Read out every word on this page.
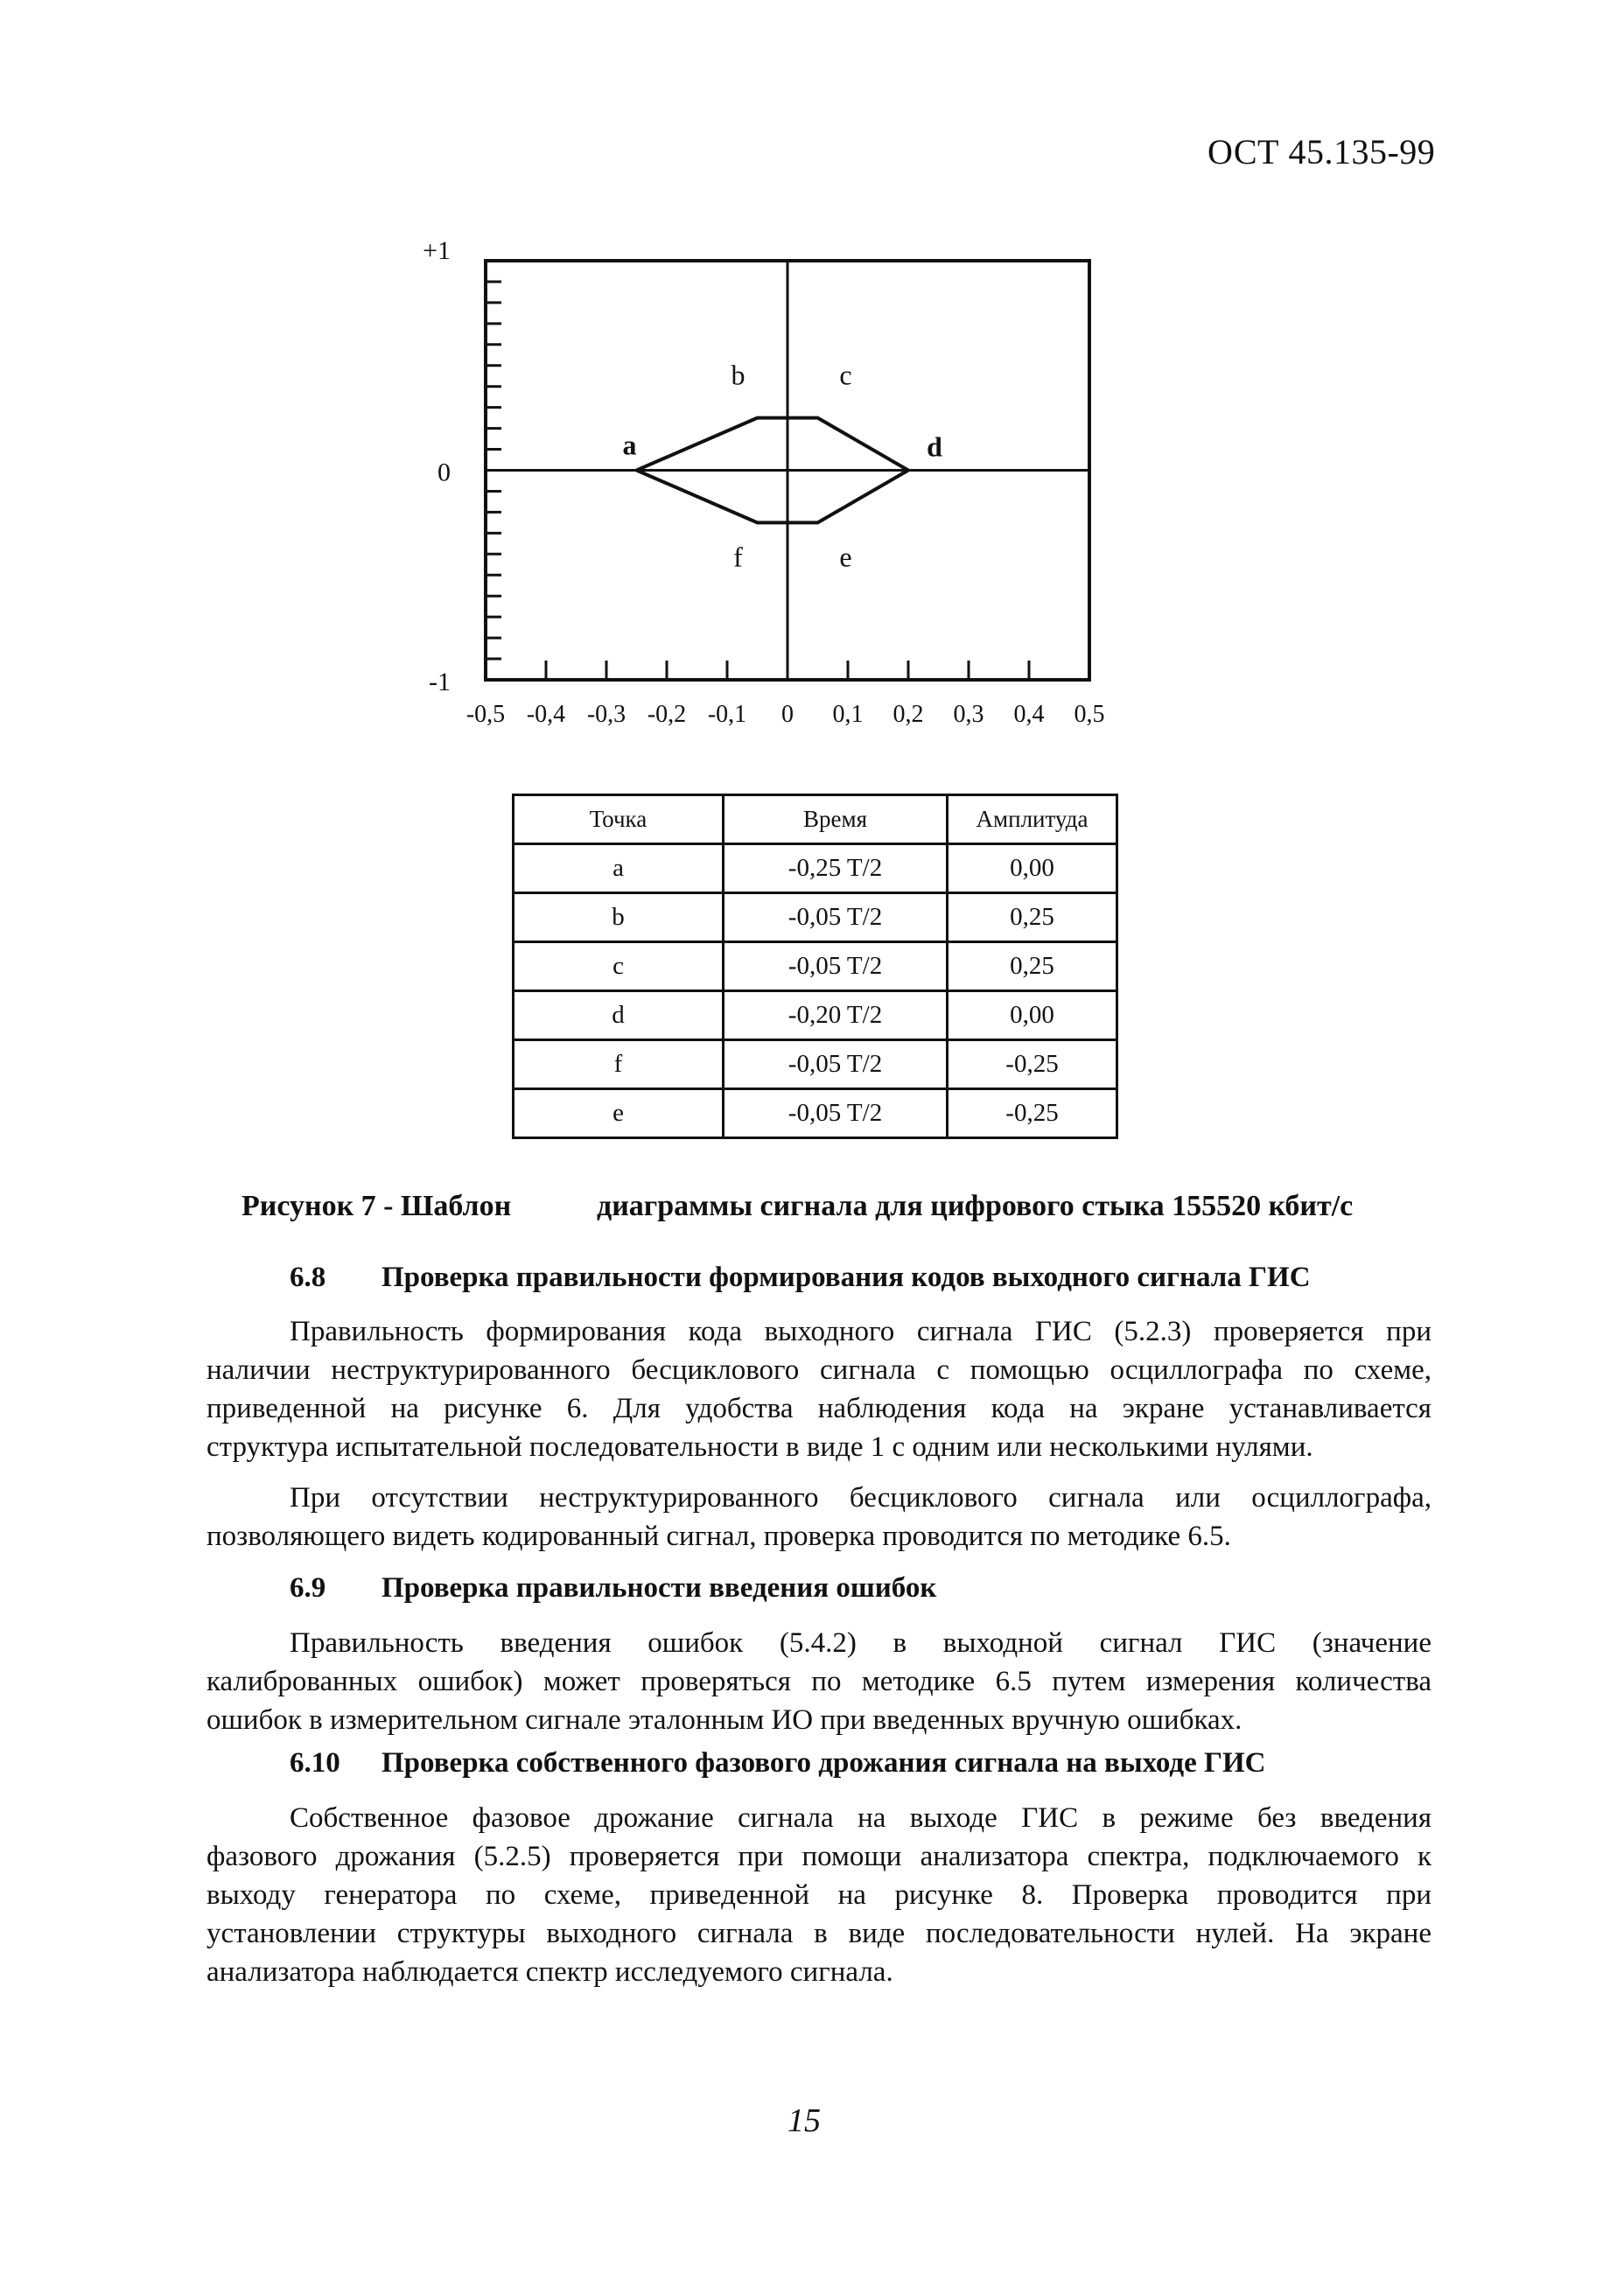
ОСТ 45.135-99
+1
0
-1
-0,5 -0,4 -0,3 -0,2 -0,1 0 0,1 0,2 0,3 0,4 0,5
a
b	c
d
f	e
Точка	Время	Амплитуда
a	-0,25 T/2	0,00
b	-0,05 T/2	0,25
c	-0,05 T/2	0,25
d	-0,20 T/2	0,00
f	-0,05 T/2	-0,25
e	-0,05 T/2	-0,25
Рисунок 7 - Шаблон	диаграммы сигнала для цифрового стыка 155520 кбит/с
6.8 Проверка правильности формирования кодов выходного сигнала ГИС
Правильность формирования кода выходного сигнала ГИС (5.2.3) проверяется при
наличии неструктурированного бесциклового сигнала с помощью осциллографа по схеме,
приведенной на рисунке 6. Для удобства наблюдения кода на экране устанавливается
структура испытательной последовательности в виде 1 с одним или несколькими нулями.
При отсутствии неструктурированного бесциклового сигнала или осциллографа,
позволяющего видеть кодированный сигнал, проверка проводится по методике 6.5.
6.9 Проверка правильности введения ошибок
Правильность введения ошибок (5.4.2) в выходной сигнал ГИС (значение
калиброванных ошибок) может проверяться по методике 6.5 путем измерения количества
ошибок в измерительном сигнале эталонным ИО при введенных вручную ошибках.
6.10 Проверка собственного фазового дрожания сигнала на выходе ГИС
Собственное фазовое дрожание сигнала на выходе ГИС в режиме без введения
фазового дрожания (5.2.5) проверяется при помощи анализатора спектра, подключаемого к
выходу генератора по схеме, приведенной на рисунке 8. Проверка проводится при
установлении структуры выходного сигнала в виде последовательности нулей. На экране
анализатора наблюдается спектр исследуемого сигнала.
15
